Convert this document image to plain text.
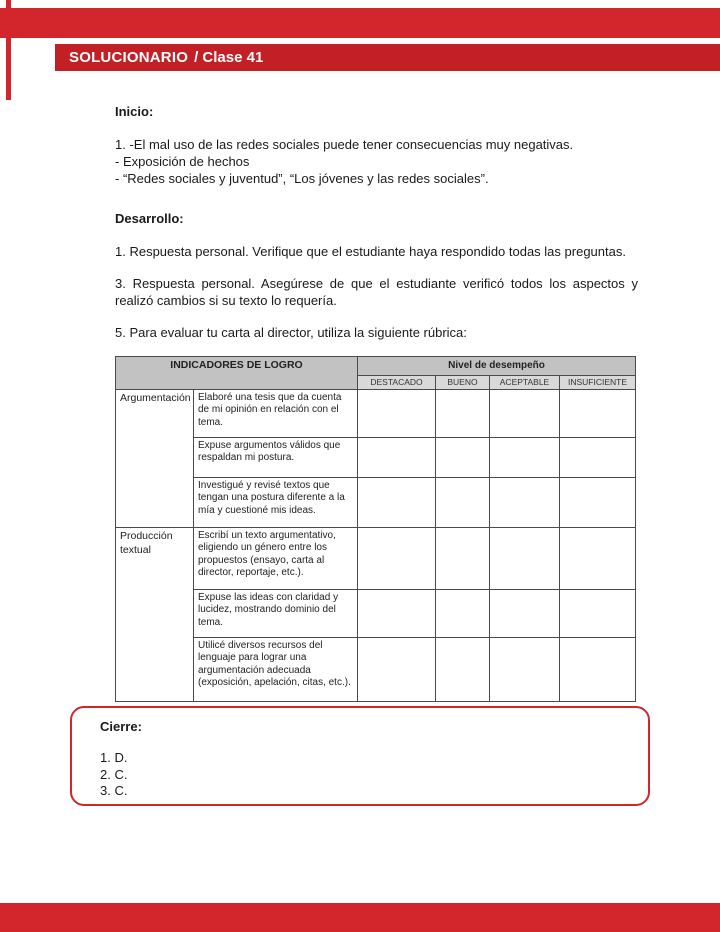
SOLUCIONARIO / Clase 41
Inicio:
1. -El mal uso de las redes sociales puede tener consecuencias muy negativas.
- Exposición de hechos
- “Redes sociales y juventud”, “Los jóvenes y las redes sociales”.
Desarrollo:

1. Respuesta personal. Verifique que el estudiante haya respondido todas las preguntas.

3. Respuesta personal. Asegúrese de que el estudiante verificó todos los aspectos y realizó cambios si su texto lo requería.

5. Para evaluar tu carta al director, utiliza la siguiente rúbrica:

INDICADORES DE LOGRO		Nivel de desempeño			
		DESTACADO	BUENO	ACEPTABLE	INSUFICIENTE
Argumentación	Elaboré una tesis que da cuenta de mi opinión en relación con el tema.				
	Expuse argumentos válidos que respaldan mi postura.				
	Investigué y revisé textos que tengan una postura diferente a la mía y cuestioné mis ideas.				
Producción textual	Escribí un texto argumentativo, eligiendo un género entre los propuestos (ensayo, carta al director, reportaje, etc.).				
	Expuse las ideas con claridad y lucidez, mostrando dominio del tema.				
	Utilicé diversos recursos del lenguaje para lograr una argumentación adecuada (exposición, apelación, citas, etc.).				
Cierre:
1. D.
2. C.
3. C.
